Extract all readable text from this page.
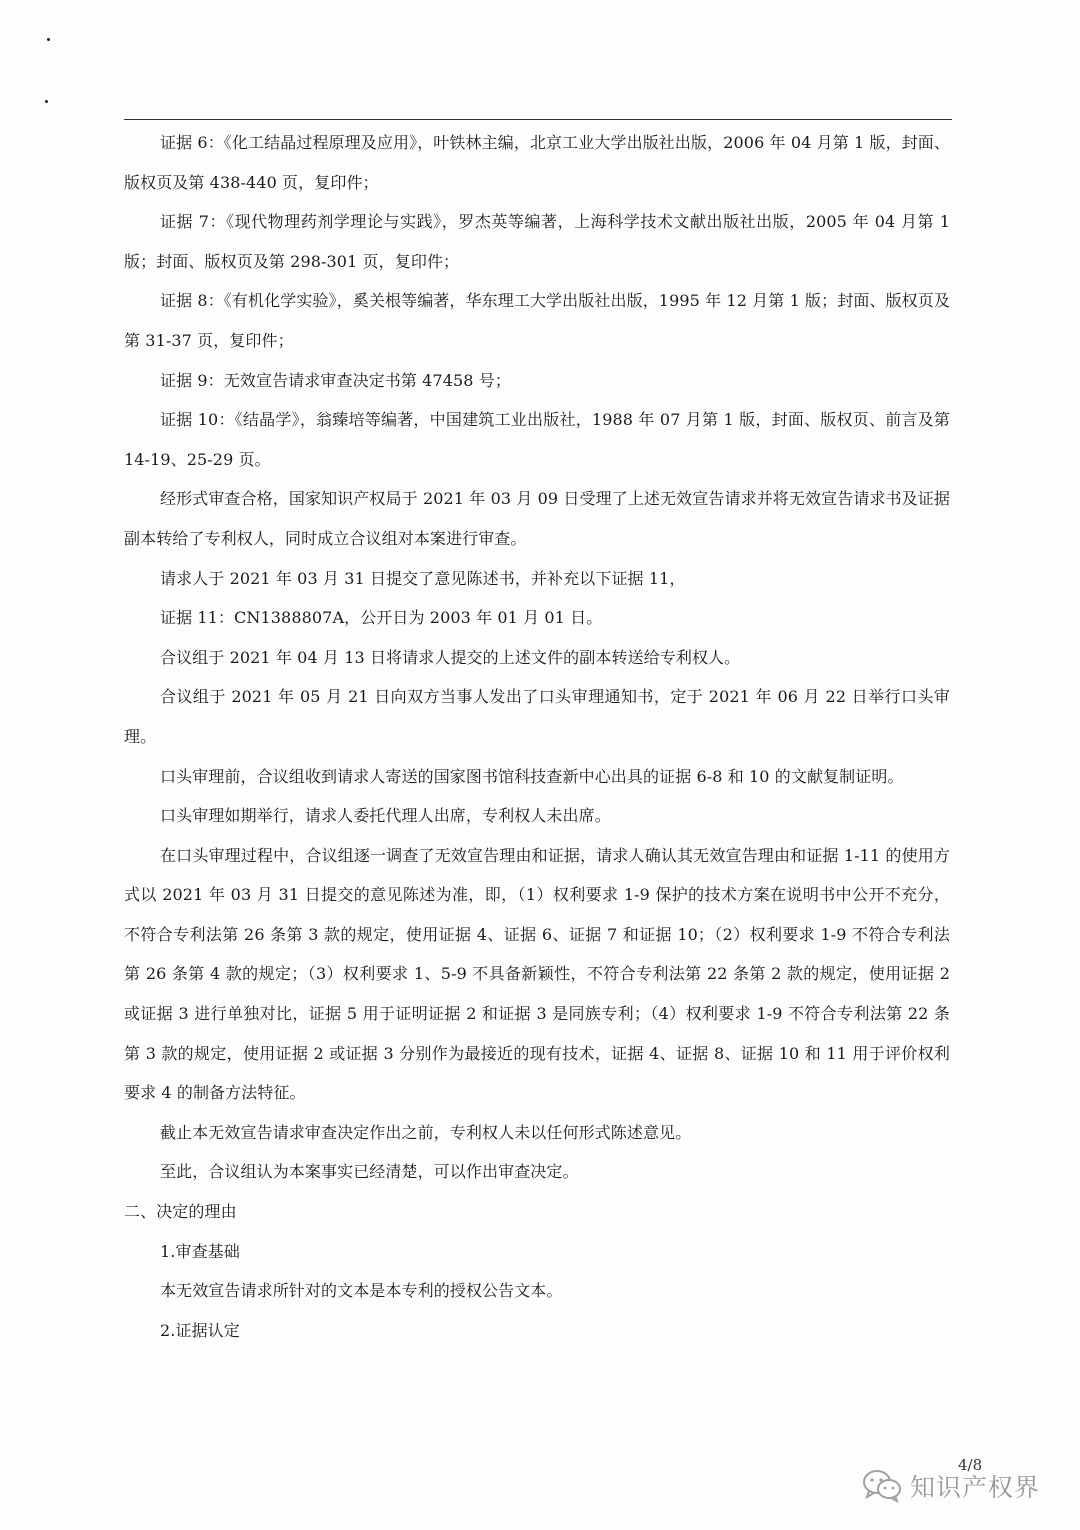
证据 6：《化工结晶过程原理及应用》，叶铁林主编，北京工业大学出版社出版，2006 年 04 月第 1 版，封面、版权页及第 438-440 页，复印件；

证据 7：《现代物理药剂学理论与实践》，罗杰英等编著，上海科学技术文献出版社出版，2005 年 04 月第 1 版；封面、版权页及第 298-301 页，复印件；

证据 8：《有机化学实验》，奚关根等编著，华东理工大学出版社出版，1995 年 12 月第 1 版；封面、版权页及第 31-37 页，复印件；

证据 9：无效宣告请求审查决定书第 47458 号；

证据 10：《结晶学》，翁臻培等编著，中国建筑工业出版社，1988 年 07 月第 1 版，封面、版权页、前言及第 14-19、25-29 页。

经形式审查合格，国家知识产权局于 2021 年 03 月 09 日受理了上述无效宣告请求并将无效宣告请求书及证据副本转给了专利权人，同时成立合议组对本案进行审查。

请求人于 2021 年 03 月 31 日提交了意见陈述书，并补充以下证据 11，

证据 11：CN1388807A，公开日为 2003 年 01 月 01 日。

合议组于 2021 年 04 月 13 日将请求人提交的上述文件的副本转送给专利权人。

合议组于 2021 年 05 月 21 日向双方当事人发出了口头审理通知书，定于 2021 年 06 月 22 日举行口头审理。

口头审理前，合议组收到请求人寄送的国家图书馆科技查新中心出具的证据 6-8 和 10 的文献复制证明。

口头审理如期举行，请求人委托代理人出席，专利权人未出席。

在口头审理过程中，合议组逐一调查了无效宣告理由和证据，请求人确认其无效宣告理由和证据 1-11 的使用方式以 2021 年 03 月 31 日提交的意见陈述为准，即，（1）权利要求 1-9 保护的技术方案在说明书中公开不充分，不符合专利法第 26 条第 3 款的规定，使用证据 4、证据 6、证据 7 和证据 10；（2）权利要求 1-9 不符合专利法第 26 条第 4 款的规定；（3）权利要求 1、5-9 不具备新颖性，不符合专利法第 22 条第 2 款的规定，使用证据 2 或证据 3 进行单独对比，证据 5 用于证明证据 2 和证据 3 是同族专利；（4）权利要求 1-9 不符合专利法第 22 条第 3 款的规定，使用证据 2 或证据 3 分别作为最接近的现有技术，证据 4、证据 8、证据 10 和 11 用于评价权利要求 4 的制备方法特征。

截止本无效宣告请求审查决定作出之前，专利权人未以任何形式陈述意见。

至此，合议组认为本案事实已经清楚，可以作出审查决定。

二、决定的理由

1.审查基础

本无效宣告请求所针对的文本是本专利的授权公告文本。

2.证据认定

4/8
知识产权界
